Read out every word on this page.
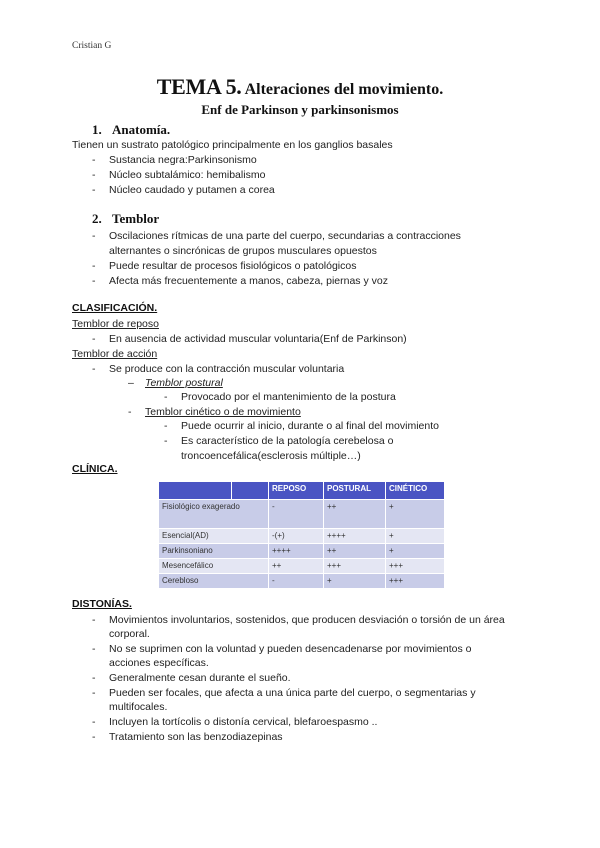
Cristian G
TEMA 5. Alteraciones del movimiento.
Enf de Parkinson y parkinsonismos
1. Anatomía.
Tienen un sustrato patológico principalmente en los ganglios basales
- Sustancia negra:Parkinsonismo
- Núcleo subtalámico: hemibalismo
- Núcleo caudado y putamen a corea
2. Temblor
- Oscilaciones rítmicas de una parte del cuerpo, secundarias a contracciones
alternantes o sincrónicas de grupos musculares opuestos
- Puede resultar de procesos fisiológicos o patológicos
- Afecta más frecuentemente a manos, cabeza, piernas y voz
CLASIFICACIÓN.
Temblor de reposo
- En ausencia de actividad muscular voluntaria(Enf de Parkinson)
Temblor de acción
- Se produce con la contracción muscular voluntaria
– Temblor postural
- Provocado por el mantenimiento de la postura
- Temblor cinético o de movimiento
- Puede ocurrir al inicio, durante o al final del movimiento
- Es característico de la patología cerebelosa o
troncoencefálica(esclerosis múltiple…)
CLÍNICA.
		REPOSO	POSTURAL	CINÉTICO
Fisiológico exagerado		-	++	+
Esencial(AD)		-(+)	++++	+
Parkinsoniano		++++	++	+
Mesencefálico		++	+++	+++
Cerebloso		-	+	+++
DISTONÍAS.
- Movimientos involuntarios, sostenidos, que producen desviación o torsión de un área
corporal.
- No se suprimen con la voluntad y pueden desencadenarse por movimientos o
acciones específicas.
- Generalmente cesan durante el sueño.
- Pueden ser focales, que afecta a una única parte del cuerpo, o segmentarias y
multifocales.
- Incluyen la tortícolis o distonía cervical, blefaroespasmo ..
- Tratamiento son las benzodiazepinas
